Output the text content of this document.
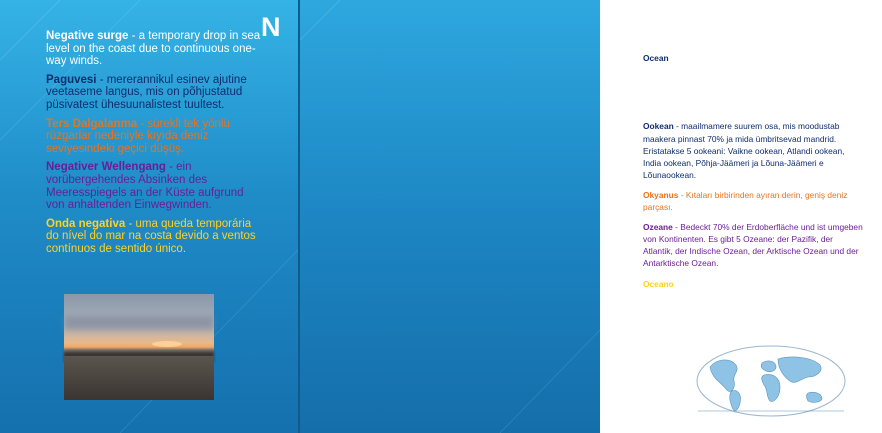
N

Negative surge - a temporary drop in sea level on the coast due to continuous one-way winds.

Paguvesi - mererannikul esinev ajutine veetaseme langus, mis on põhjustatud püsivatest ühesuunalistest tuultest.

Ters Dalgalanma - sürekli tek yönlü rüzgarlar nedeniyle kıyıda deniz seviyesindeki geçici düşüş.

Negativer Wellengang - ein vorübergehendes Absinken des Meeresspiegels an der Küste aufgrund von anhaltenden Einwegwinden.

Onda negativa - uma queda temporária do nível do mar na costa devido a ventos contínuos de sentido único.

Ocean - The largest part of the World Ocean, it covers 70% of the Earth's surface and it is surrounded by continents. There are 5 oceans: the Pacific Ocean, the Atlantic Ocean, the Indian Ocean, the Arctic Ocean and the Southern Ocean.

Ookean - maailmamere suurem osa, mis moodustab maakera pinnast 70% ja mida ümbritsevad mandrid. Eristatakse 5 ookeani: Vaikne ookean, Atlandi ookean, India ookean, Põhja-Jäämeri ja Lõuna-Jäämeri e Lõunaookean.

Okyanus - Kıtaları birbirinden ayıran derin, geniş deniz parçası.

Ozeane - Bedeckt 70% der Erdoberfläche und ist umgeben von Kontinenten. Es gibt 5 Ozeane: der Pazifik, der Atlantik, der Indische Ozean, der Arktische Ozean und der Antarktische Ozean.

Oceano - A maior parte do Oceano Global, cobre 70% da superfície da Terra e é cercado por continentes. São considerados 5 oceanos: o Oceano Pacífico, o Oceano Atlântico, o Oceano Índico, o Oceano Ártico e o Oceano Antártico.
